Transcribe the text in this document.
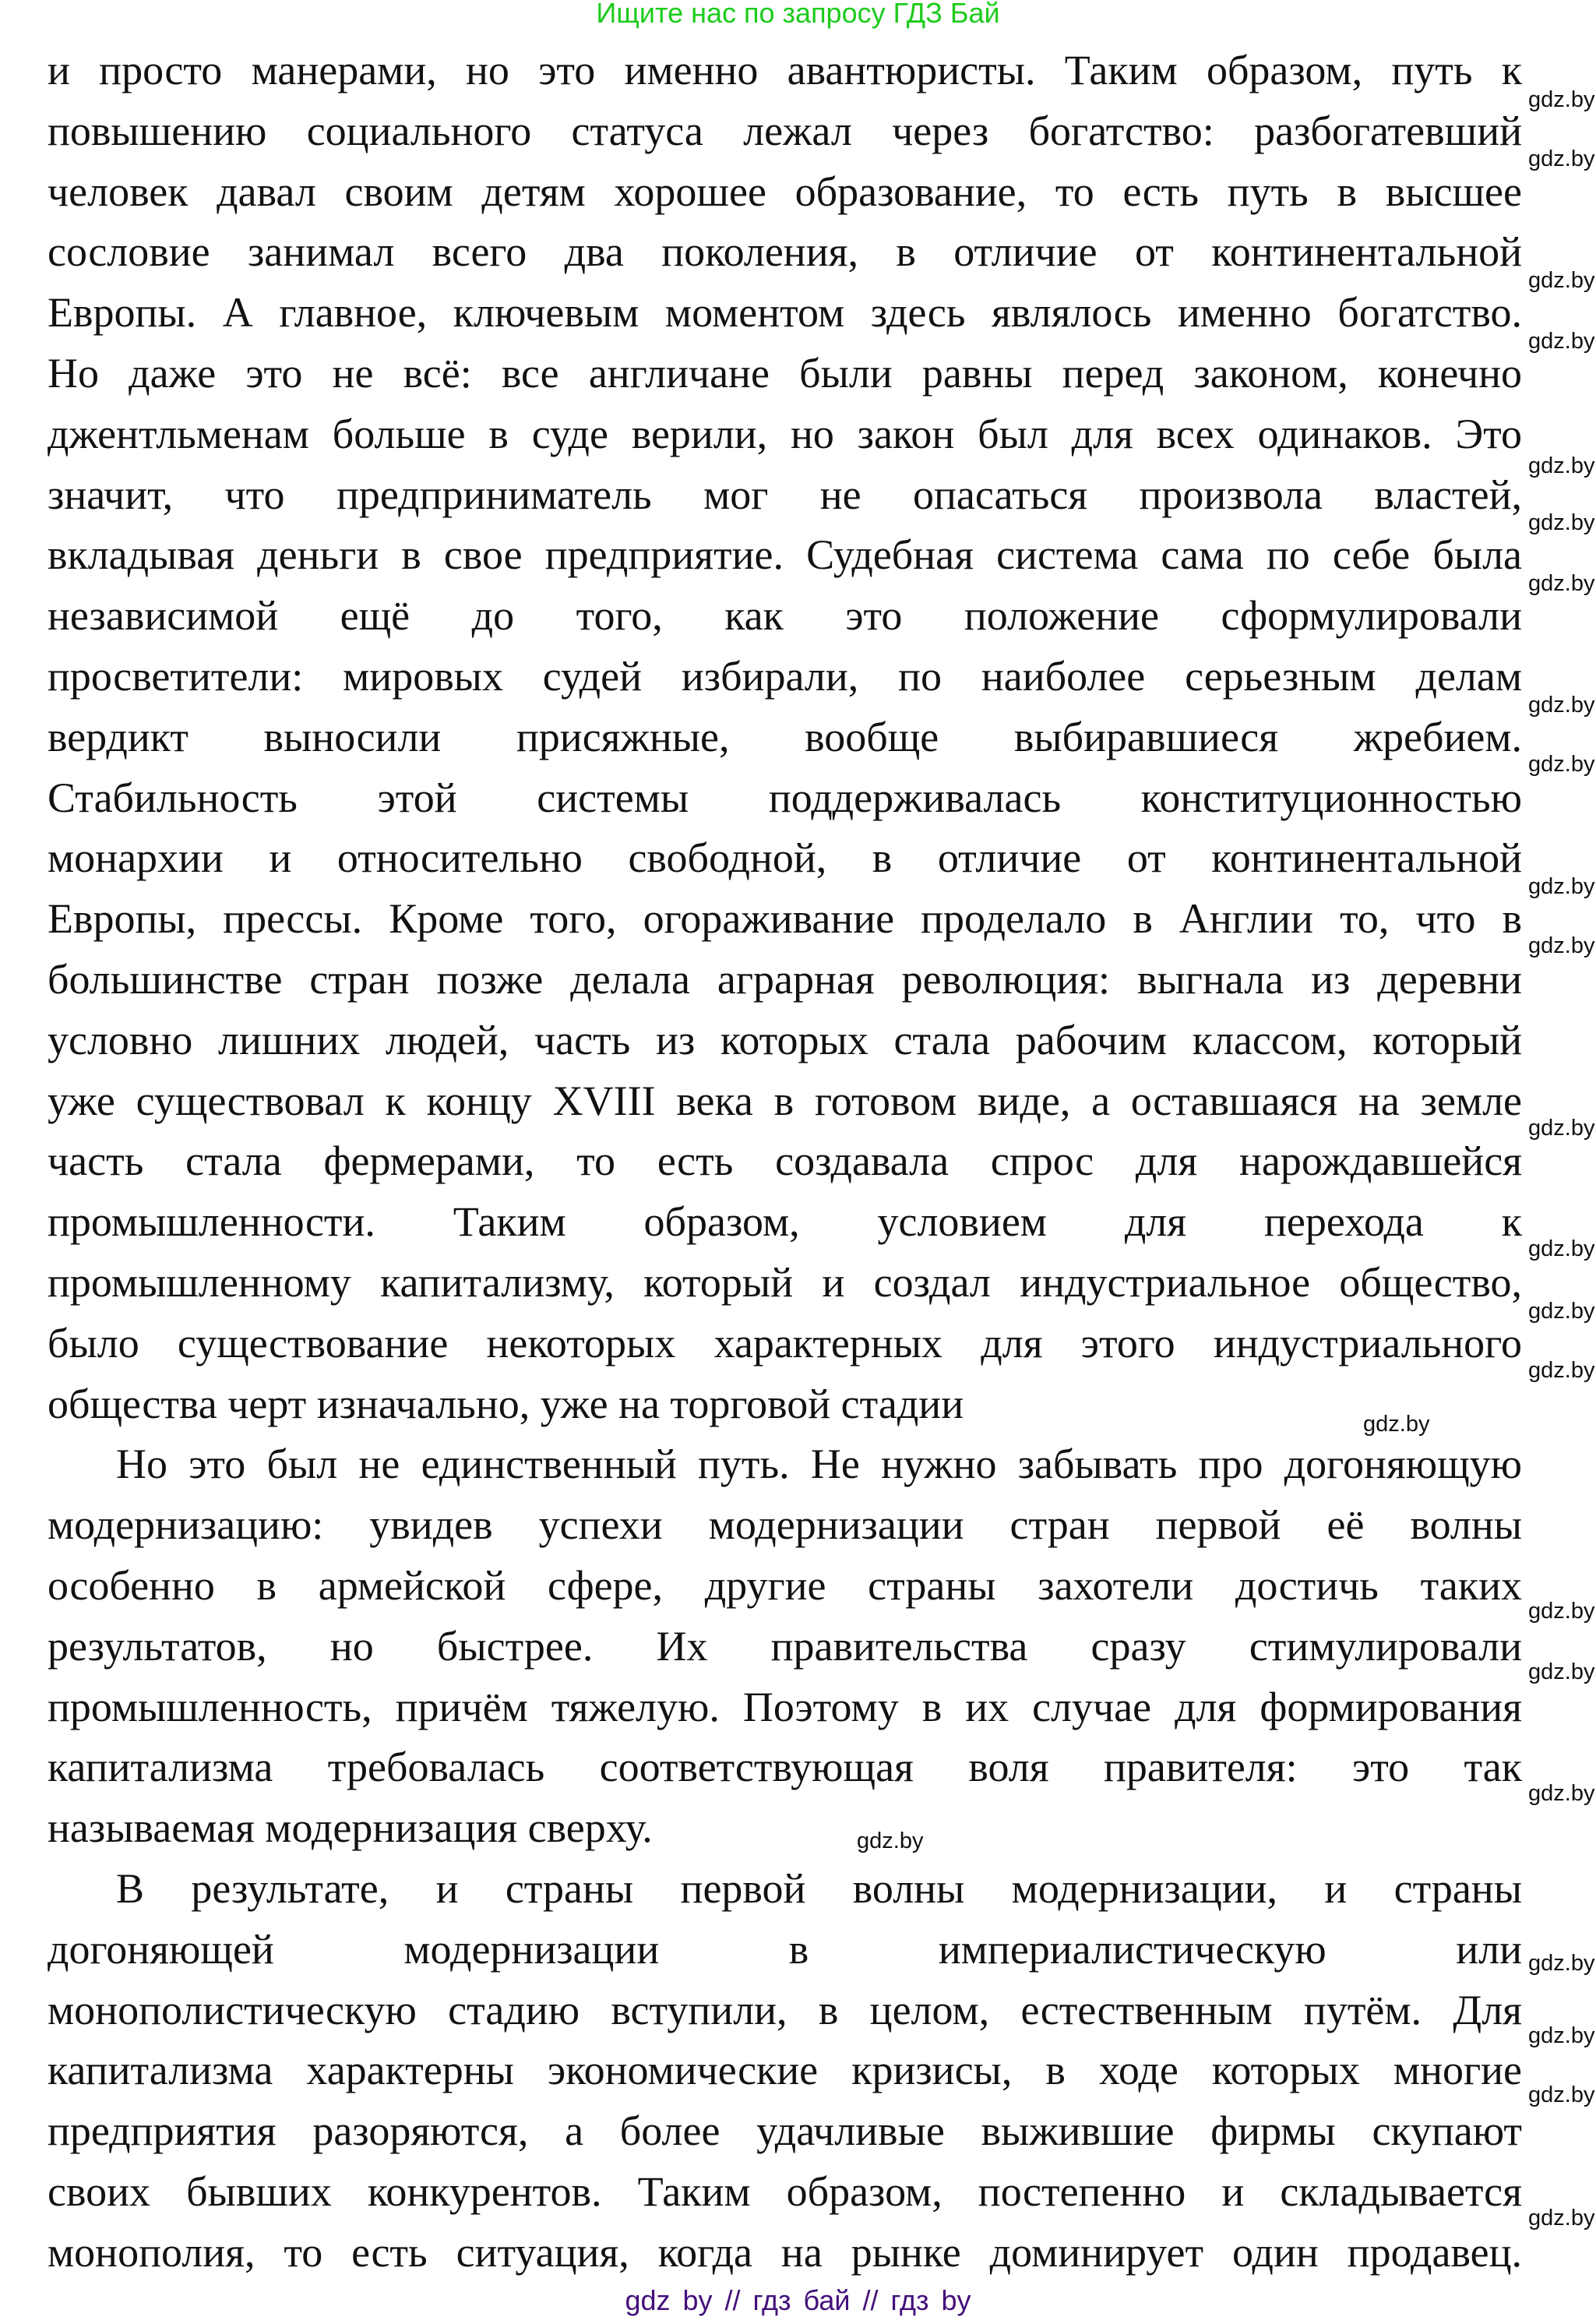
Ищите нас по запросу ГДЗ Бай
и просто манерами, но это именно авантюристы. Таким образом, путь к
повышению социального статуса лежал через богатство: разбогатевший
человек давал своим детям хорошее образование, то есть путь в высшее
сословие занимал всего два поколения, в отличие от континентальной
Европы. А главное, ключевым моментом здесь являлось именно богатство.
Но даже это не всё: все англичане были равны перед законом, конечно
джентльменам больше в суде верили, но закон был для всех одинаков. Это
значит, что предприниматель мог не опасаться произвола властей,
вкладывая деньги в свое предприятие. Судебная система сама по себе была
независимой ещё до того, как это положение сформулировали
просветители: мировых судей избирали, по наиболее серьезным делам
вердикт выносили присяжные, вообще выбиравшиеся жребием.
Стабильность этой системы поддерживалась конституционностью
монархии и относительно свободной, в отличие от континентальной
Европы, прессы. Кроме того, огораживание проделало в Англии то, что в
большинстве стран позже делала аграрная революция: выгнала из деревни
условно лишних людей, часть из которых стала рабочим классом, который
уже существовал к концу XVIII века в готовом виде, а оставшаяся на земле
часть стала фермерами, то есть создавала спрос для нарождавшейся
промышленности. Таким образом, условием для перехода к
промышленному капитализму, который и создал индустриальное общество,
было существование некоторых характерных для этого индустриального
общества черт изначально, уже на торговой стадии
Но это был не единственный путь. Не нужно забывать про догоняющую
модернизацию: увидев успехи модернизации стран первой её волны
особенно в армейской сфере, другие страны захотели достичь таких
результатов, но быстрее. Их правительства сразу стимулировали
промышленность, причём тяжелую. Поэтому в их случае для формирования
капитализма требовалась соответствующая воля правителя: это так
называемая модернизация сверху.
В результате, и страны первой волны модернизации, и страны
догоняющей модернизации в империалистическую или
монополистическую стадию вступили, в целом, естественным путём. Для
капитализма характерны экономические кризисы, в ходе которых многие
предприятия разоряются, а более удачливые выжившие фирмы скупают
своих бывших конкурентов. Таким образом, постепенно и складывается
монополия, то есть ситуация, когда на рынке доминирует один продавец.
gdz.by
gdz.by
gdz.by
gdz.by
gdz.by
gdz.by
gdz.by
gdz.by
gdz.by
gdz.by
gdz.by
gdz.by
gdz.by
gdz.by
gdz.by
gdz.by
gdz.by
gdz.by
gdz.by
gdz.by
gdz.by
gdz.by
gdz.by
gdz.by
gdz by // гдз бай // гдз by
